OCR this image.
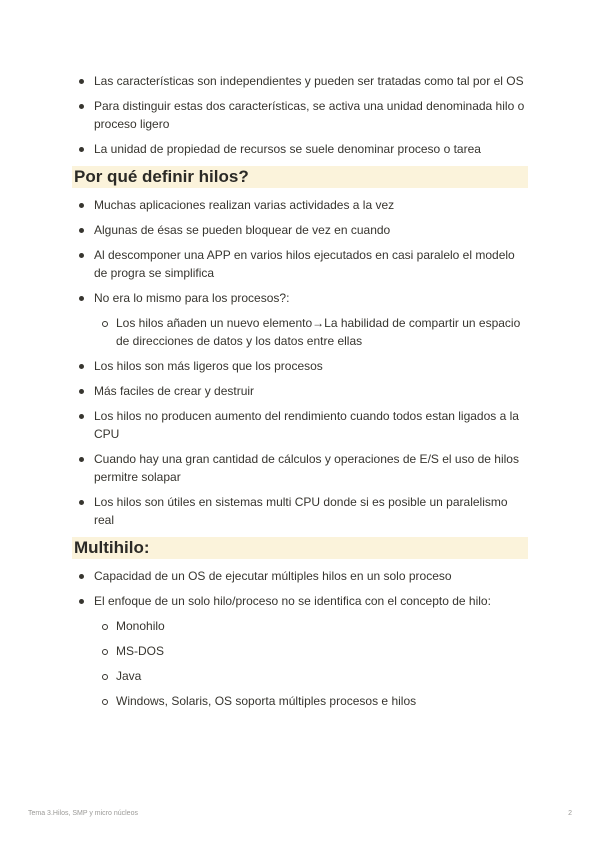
Las características son independientes y pueden ser tratadas como tal por el OS
Para distinguir estas dos características, se activa una unidad denominada hilo o proceso ligero
La unidad de propiedad de recursos se suele denominar proceso o tarea
Por qué definir hilos?
Muchas aplicaciones realizan varias actividades a la vez
Algunas de ésas se pueden bloquear de vez en cuando
Al descomponer una APP en varios hilos ejecutados en casi paralelo el modelo de progra se simplifica
No era lo mismo para los procesos?:
Los hilos añaden un nuevo elemento→La habilidad de compartir un espacio de direcciones de datos y los datos entre ellas
Los hilos son más ligeros que los procesos
Más faciles de crear y destruir
Los hilos no producen aumento del rendimiento cuando todos estan ligados a la CPU
Cuando hay una gran cantidad de cálculos y operaciones de E/S el uso de hilos permitre solapar
Los hilos son útiles en sistemas multi CPU donde si es posible un paralelismo real
Multihilo:
Capacidad de un OS de ejecutar múltiples hilos en un solo proceso
El enfoque de un solo hilo/proceso no se identifica con el concepto de hilo:
Monohilo
MS-DOS
Java
Windows, Solaris, OS soporta múltiples procesos e hilos
Tema 3.Hilos, SMP y micro núcleos	2
